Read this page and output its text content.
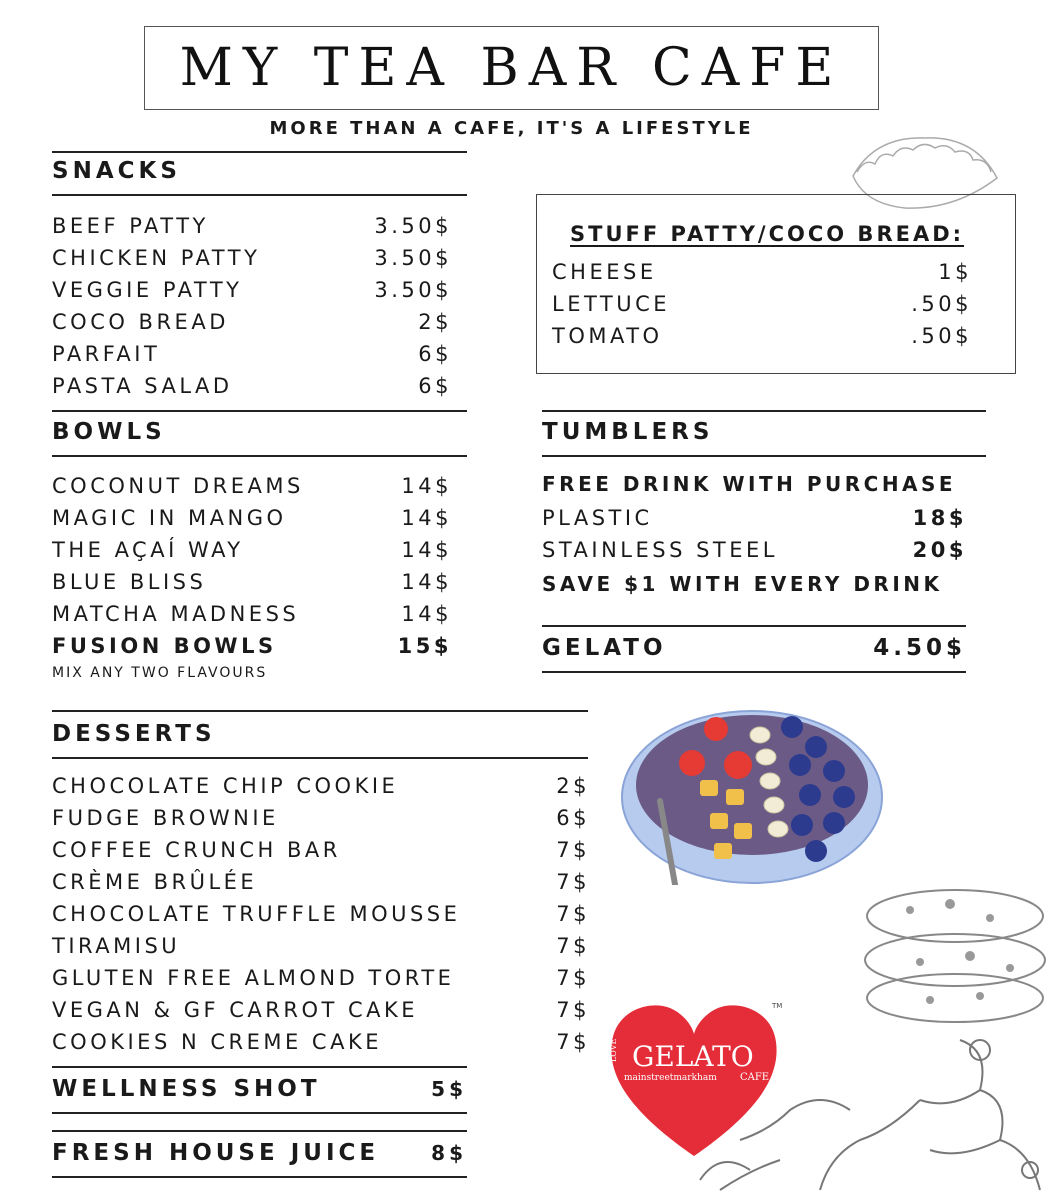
MY TEA BAR CAFE
MORE THAN A CAFE, IT'S A LIFESTYLE
SNACKS
BEEF PATTY	3.50$
CHICKEN PATTY	3.50$
VEGGIE PATTY	3.50$
COCO BREAD	2$
PARFAIT	6$
PASTA SALAD	6$
STUFF PATTY/COCO BREAD:
CHEESE	1$
LETTUCE	.50$
TOMATO	.50$
BOWLS
COCONUT DREAMS	14$
MAGIC IN MANGO	14$
THE AÇAÍ WAY	14$
BLUE BLISS	14$
MATCHA MADNESS	14$
FUSION BOWLS	15$
MIX ANY TWO FLAVOURS
TUMBLERS
FREE DRINK WITH PURCHASE
PLASTIC	18$
STAINLESS STEEL	20$
SAVE $1 WITH EVERY DRINK
GELATO	4.50$
DESSERTS
CHOCOLATE CHIP COOKIE	2$
FUDGE BROWNIE	6$
COFFEE CRUNCH BAR	7$
CRÈME BRÛLÉE	7$
CHOCOLATE TRUFFLE MOUSSE	7$
TIRAMISU	7$
GLUTEN FREE ALMOND TORTE	7$
VEGAN & GF CARROT CAKE	7$
COOKIES N CREME CAKE	7$
WELLNESS SHOT	5$
FRESH HOUSE JUICE	8$
LOVE GELATO
mainstreetmarkham CAFE
TM
